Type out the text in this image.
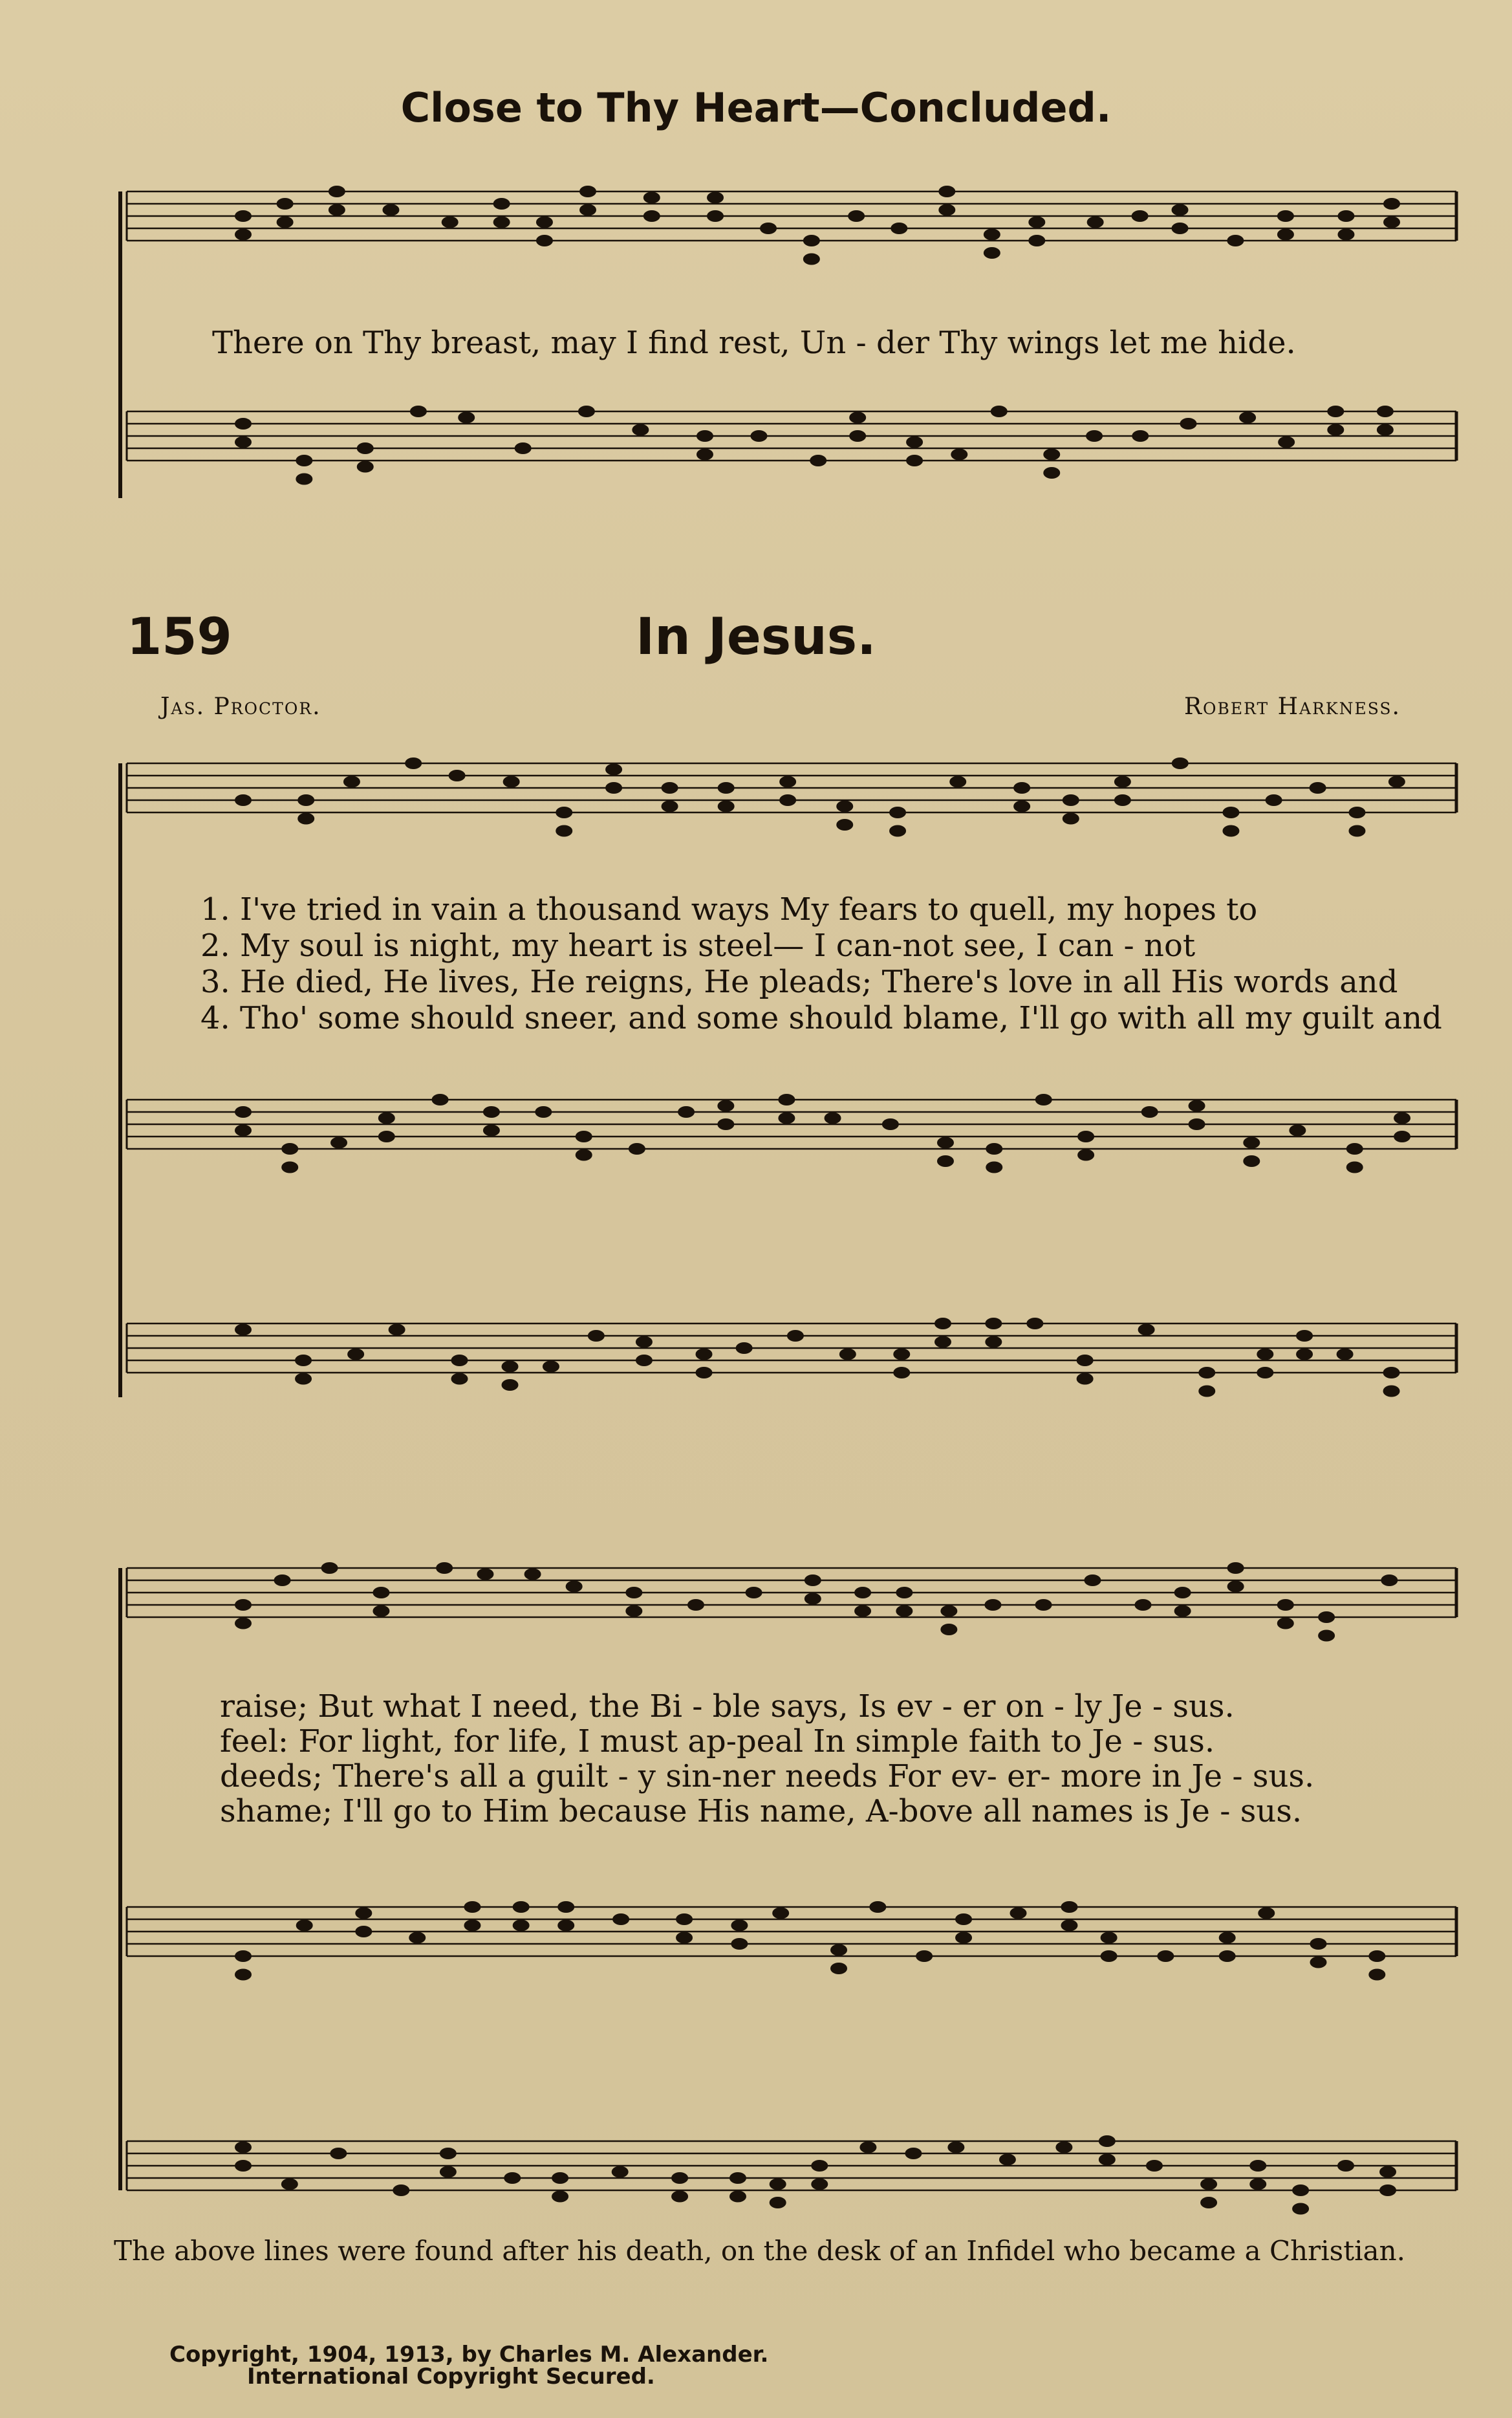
Close to Thy Heart—Concluded.
There on Thy breast, may I find rest, Un - der Thy wings let me hide.
159	In Jesus.
Jas. Proctor.	Robert Harkness.
1. I've tried in vain a thousand ways My fears to quell, my hopes to
2. My soul is night, my heart is steel— I can-not see, I can - not
3. He died, He lives, He reigns, He pleads; There's love in all His words and
4. Tho' some should sneer, and some should blame, I'll go with all my guilt and
raise; But what I need, the Bi - ble says, Is ev - er on - ly Je - sus.
feel: For light, for life, I must ap-peal In simple faith to Je - sus.
deeds; There's all a guilt - y sin-ner needs For ev- er- more in Je - sus.
shame; I'll go to Him because His name, A-bove all names is Je - sus.
The above lines were found after his death, on the desk of an Infidel who became a Christian.
Copyright, 1904, 1913, by Charles M. Alexander.
International Copyright Secured.
